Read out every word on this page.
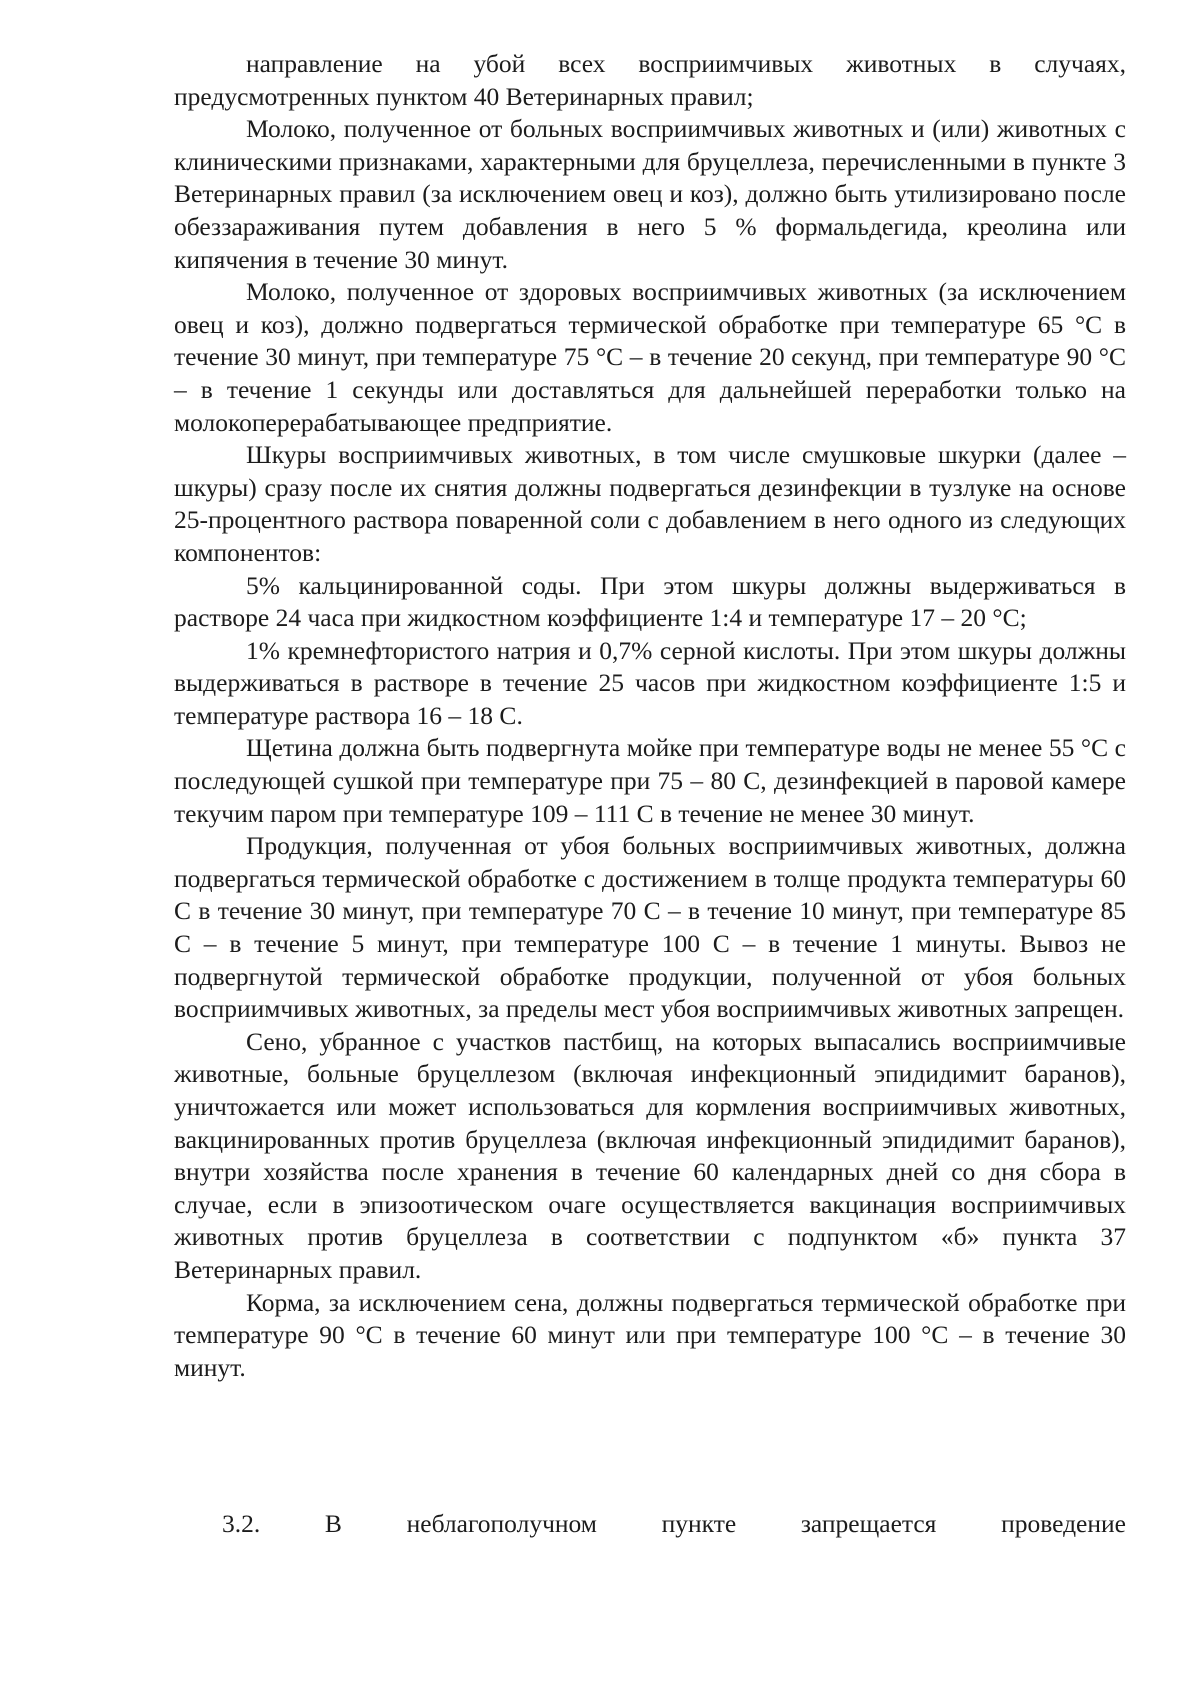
направление на убой всех восприимчивых животных в случаях, предусмотренных пунктом 40 Ветеринарных правил;

Молоко, полученное от больных восприимчивых животных и (или) животных с клиническими признаками, характерными для бруцеллеза, перечисленными в пункте 3 Ветеринарных правил (за исключением овец и коз), должно быть утилизировано после обеззараживания путем добавления в него 5 % формальдегида, креолина или кипячения в течение 30 минут.

Молоко, полученное от здоровых восприимчивых животных (за исключением овец и коз), должно подвергаться термической обработке при температуре 65 °С в течение 30 минут, при температуре 75 °С – в течение 20 секунд, при температуре 90 °С – в течение 1 секунды или доставляться для дальнейшей переработки только на молокоперерабатывающее предприятие.

Шкуры восприимчивых животных, в том числе смушковые шкурки (далее – шкуры) сразу после их снятия должны подвергаться дезинфекции в тузлуке на основе 25-процентного раствора поваренной соли с добавлением в него одного из следующих компонентов:

5% кальцинированной соды. При этом шкуры должны выдерживаться в растворе 24 часа при жидкостном коэффициенте 1:4 и температуре 17 – 20 °С;

1% кремнефтористого натрия и 0,7% серной кислоты. При этом шкуры должны выдерживаться в растворе в течение 25 часов при жидкостном коэффициенте 1:5 и температуре раствора 16 – 18 С.

Щетина должна быть подвергнута мойке при температуре воды не менее 55 °С с последующей сушкой при температуре при 75 – 80 С, дезинфекцией в паровой камере текучим паром при температуре 109 – 111 С в течение не менее 30 минут.

Продукция, полученная от убоя больных восприимчивых животных, должна подвергаться термической обработке с достижением в толще продукта температуры 60 С в течение 30 минут, при температуре 70 С – в течение 10 минут, при температуре 85 С – в течение 5 минут, при температуре 100 С – в течение 1 минуты. Вывоз не подвергнутой термической обработке продукции, полученной от убоя больных восприимчивых животных, за пределы мест убоя восприимчивых животных запрещен.

Сено, убранное с участков пастбищ, на которых выпасались восприимчивые животные, больные бруцеллезом (включая инфекционный эпидидимит баранов), уничтожается или может использоваться для кормления восприимчивых животных, вакцинированных против бруцеллеза (включая инфекционный эпидидимит баранов), внутри хозяйства после хранения в течение 60 календарных дней со дня сбора в случае, если в эпизоотическом очаге осуществляется вакцинация восприимчивых животных против бруцеллеза в соответствии с подпунктом «б» пункта 37 Ветеринарных правил.

Корма, за исключением сена, должны подвергаться термической обработке при температуре 90 °С в течение 60 минут или при температуре 100 °С – в течение 30 минут.

3.2. В неблагополучном пункте запрещается проведение
